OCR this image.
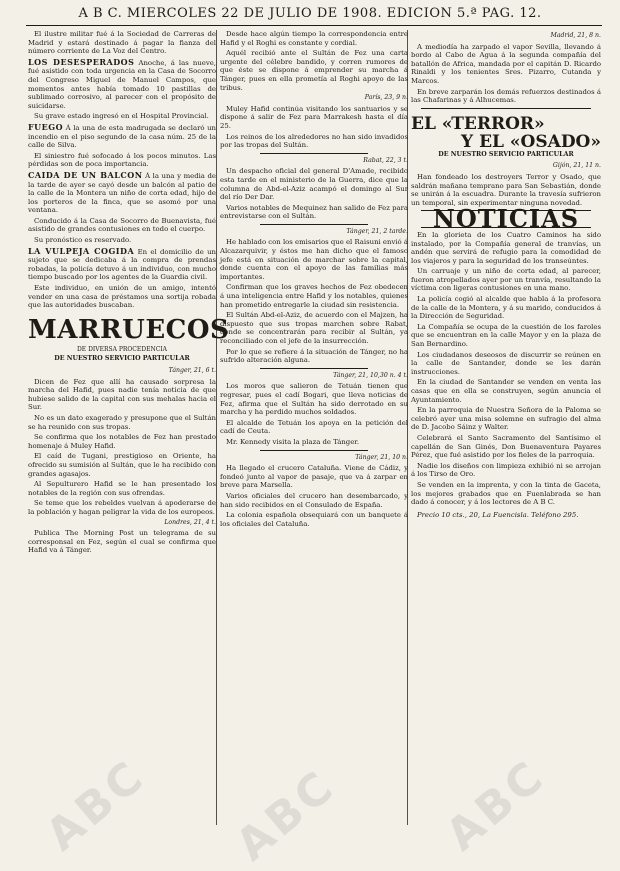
A B C. MIERCOLES 22 DE JULIO DE 1908. EDICION 5.ª PAG. 12.

El ilustre militar fué á la Sociedad de Carreras de Madrid y estará destinado á pagar la fianza del número corriente de La Voz del Centro.

LOS DESESPERADOS Anoche, á las nueve, fué asistido con toda urgencia en la Casa de Socorro del Congreso Miguel de Manuel Campos, que momentos antes había tomado 10 pastillas de sublimado corrosivo, al parecer con el propósito de suicidarse.

Su grave estado ingresó en el Hospital Provincial.

FUEGO Á la una de esta madrugada se declaró un incendio en el piso segundo de la casa núm. 25 de la calle de Silva.

El siniestro fué sofocado á los pocos minutos. Las pérdidas son de poca importancia.

CAIDA DE UN BALCON Á la una y media de la tarde de ayer se cayó desde un balcón al patio de la calle de la Montera un niño de corta edad, hijo de los porteros de la finca, que se asomó por una ventana.

Conducido á la Casa de Socorro de Buenavista, fué asistido de grandes contusiones en todo el cuerpo.

Su pronóstico es reservado.

LA VULPEJA COGIDA En el domicilio de un sujeto que se dedicaba á la compra de prendas robadas, la policía detuvo á un individuo, con mucho tiempo buscado por los agentes de la Guardia civil.

Este individuo, en unión de un amigo, intentó vender en una casa de préstamos una sortija robada que las autoridades buscaban.

MARRUECOS
DE DIVERSA PROCEDENCIA
DE NUESTRO SERVICIO PARTICULAR
Tánger, 21, 6 t.

Dicen de Fez que allí ha causado sorpresa la marcha del Hafid, pues nadie tenía noticia de que hubiese salido de la capital con sus mehalas hacia el Sur.

No es un dato exagerado y presupone que el Sultán se ha reunido con sus tropas.

Se confirma que los notables de Fez han prestado homenaje á Muley Hafid.

El caíd de Tugani, prestigioso en Oriente, ha ofrecido su sumisión al Sultán, que le ha recibido con grandes agasajos.

Al Sepulturero Hafid se le han presentado los notables de la región con sus ofrendas.

Se teme que los rebeldes vuelvan á apoderarse de la población y hagan peligrar la vida de los europeos.

Londres, 21, 4 t.

Publica The Morning Post un telegrama de su corresponsal en Fez, según el cual se confirma que Hafid va á Tánger.

Desde hace algún tiempo la correspondencia entre Hafid y el Roghi es constante y cordial.

Aquél recibió ante el Sultán de Fez una carta urgente del célebre bandido, y corren rumores de que éste se dispone á emprender su marcha á Tánger, pues en ella prometía al Roghi apoyo de las tribus.

París, 23, 9 n.

Muley Hafid continúa visitando los santuarios y se dispone á salir de Fez para Marrakesh hasta el día 25.

Los reinos de los alrededores no han sido invadidos por las tropas del Sultán.

Rabat, 22, 3 t.

Un despacho oficial del general D'Amade, recibido esta tarde en el ministerio de la Guerra, dice que la columna de Abd-el-Aziz acampó el domingo al Sur del río Der Dar.

Varios notables de Mequinez han salido de Fez para entrevistarse con el Sultán.

Tánger, 21, 2 tarde.

He hablado con los emisarios que el Raisuni envió á Alcazarquivir, y éstos me han dicho que el famoso jefe está en situación de marchar sobre la capital, donde cuenta con el apoyo de las familias más importantes.

Confirman que los graves hechos de Fez obedecen á una inteligencia entre Hafid y los notables, quienes han prometido entregarle la ciudad sin resistencia.

El Sultán Abd-el-Aziz, de acuerdo con el Majzen, ha dispuesto que sus tropas marchen sobre Rabat, donde se concentrarán para recibir al Sultán, ya reconciliado con el jefe de la insurrección.

Por lo que se refiere á la situación de Tánger, no ha sufrido alteración alguna.

Tánger, 21, 10,30 n. 4 t.

Los moros que salieron de Tetuán tienen que regresar, pues el cadí Bogari, que lleva noticias de Fez, afirma que el Sultán ha sido derrotado en su marcha y ha perdido muchos soldados.

El alcalde de Tetuán los apoya en la petición del cadí de Ceuta.

Mr. Kennedy visita la plaza de Tánger.

Tánger, 21, 10 n.

Ha llegado el crucero Cataluña. Viene de Cádiz, y fondeó junto al vapor de pasaje, que va á zarpar en breve para Marsella.

Varios oficiales del crucero han desembarcado, y han sido recibidos en el Consulado de España.

La colonia española obsequiará con un banquete á los oficiales del Cataluña.

Madrid, 21, 8 n.

A mediodía ha zarpado el vapor Sevilla, llevando á bordo al Cabo de Agua á la segunda compañía del batallón de Africa, mandada por el capitán D. Ricardo Rinaldi y los tenientes Sres. Pizarro, Cutanda y Marcos.

En breve zarparán los demás refuerzos destinados á las Chafarinas y á Alhucemas.

EL «TERROR»
Y EL «OSADO»
DE NUESTRO SERVICIO PARTICULAR
Gijón, 21, 11 n.

Han fondeado los destroyers Terror y Osado, que saldrán mañana temprano para San Sebastián, donde se unirán á la escuadra. Durante la travesía sufrieron un temporal, sin experimentar ninguna novedad.

NOTICIAS

En la glorieta de los Cuatro Caminos ha sido instalado, por la Compañía general de tranvías, un andén que servirá de refugio para la comodidad de los viajeros y para la seguridad de los transeúntes.

Un carruaje y un niño de corta edad, al parecer, fueron atropellados ayer por un tranvía, resultando la víctima con ligeras contusiones en una mano.

La policía cogió al alcalde que habla á la profesora de la calle de la Montera, y á su marido, conducidos á la Dirección de Seguridad.

La Compañía se ocupa de la cuestión de los faroles que se encuentran en la calle Mayor y en la plaza de San Bernardino.

Los ciudadanos deseosos de discurrir se reúnen en la calle de Santander, donde se les darán instrucciones.

En la ciudad de Santander se venden en venta las casas que en ella se construyen, según anuncia el Ayuntamiento.

En la parroquia de Nuestra Señora de la Paloma se celebró ayer una misa solemne en sufragio del alma de D. Jacobo Sáinz y Walter.

Celebrará el Santo Sacramento del Santísimo el capellán de San Ginés, Don Buenaventura Payares Pérez, que fué asistido por los fieles de la parroquia.

Nadie los diseños con limpieza exhibió ni se arrojan á los Tirso de Oro.

Se venden en la imprenta, y con la tinta de Gaceta, los mejores grabados que en Fuenlabrada se han dado á conocer, y á los lectores de A B C.

Precio 10 cts., 20, La Fuencisla. Teléfono 295.

ABC ABC ABC
